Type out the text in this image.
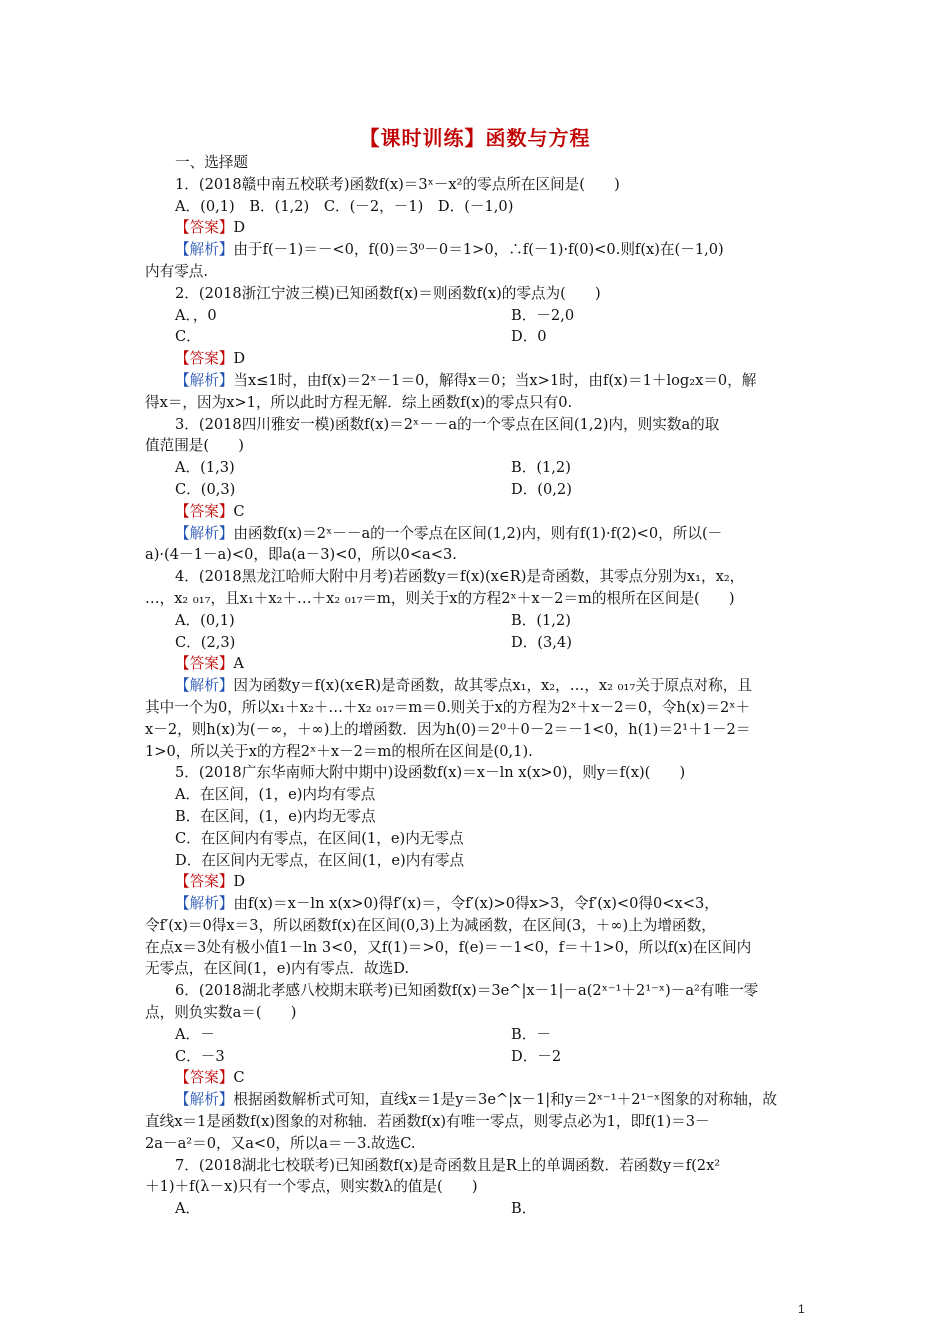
【课时训练】函数与方程
一、选择题
1．(2018赣中南五校联考)函数f(x)＝3ˣ－x²的零点所在区间是(　　)
A．(0,1)　B．(1,2)　C．(－2，－1)　D．(－1,0)
【答案】D
【解析】由于f(－1)＝－<0，f(0)＝3⁰－0＝1>0，∴f(－1)·f(0)<0.则f(x)在(－1,0)
内有零点.
2．(2018浙江宁波三模)已知函数f(x)＝则函数f(x)的零点为(　　)
A．，0	B．－2,0
C．	D．0
【答案】D
【解析】当x≤1时，由f(x)＝2ˣ－1＝0，解得x＝0；当x>1时，由f(x)＝1＋log₂x＝0，解
得x＝，因为x>1，所以此时方程无解．综上函数f(x)的零点只有0.
3．(2018四川雅安一模)函数f(x)＝2ˣ－－a的一个零点在区间(1,2)内，则实数a的取
值范围是(　　)
A．(1,3)	B．(1,2)
C．(0,3)	D．(0,2)
【答案】C
【解析】由函数f(x)＝2ˣ－－a的一个零点在区间(1,2)内，则有f(1)·f(2)<0，所以(－
a)·(4－1－a)<0，即a(a－3)<0，所以0<a<3.
4．(2018黑龙江哈师大附中月考)若函数y＝f(x)(x∈R)是奇函数，其零点分别为x₁，x₂，
…，x₂ ₀₁₇，且x₁＋x₂＋…＋x₂ ₀₁₇＝m，则关于x的方程2ˣ＋x－2＝m的根所在区间是(　　)
A．(0,1)	B．(1,2)
C．(2,3)	D．(3,4)
【答案】A
【解析】因为函数y＝f(x)(x∈R)是奇函数，故其零点x₁，x₂，…，x₂ ₀₁₇关于原点对称，且
其中一个为0，所以x₁＋x₂＋…＋x₂ ₀₁₇＝m＝0.则关于x的方程为2ˣ＋x－2＝0，令h(x)＝2ˣ＋
x－2，则h(x)为(－∞，＋∞)上的增函数．因为h(0)＝2⁰＋0－2＝－1<0，h(1)＝2¹＋1－2＝
1>0，所以关于x的方程2ˣ＋x－2＝m的根所在区间是(0,1).
5．(2018广东华南师大附中期中)设函数f(x)＝x－ln x(x>0)，则y＝f(x)(　　)
A．在区间，(1，e)内均有零点
B．在区间，(1，e)内均无零点
C．在区间内有零点，在区间(1，e)内无零点
D．在区间内无零点，在区间(1，e)内有零点
【答案】D
【解析】由f(x)＝x－ln x(x>0)得f′(x)＝，令f′(x)>0得x>3，令f′(x)<0得0<x<3，
令f′(x)＝0得x＝3，所以函数f(x)在区间(0,3)上为减函数，在区间(3，＋∞)上为增函数，
在点x＝3处有极小值1－ln 3<0，又f(1)＝>0，f(e)＝－1<0，f＝＋1>0，所以f(x)在区间内
无零点，在区间(1，e)内有零点．故选D.
6．(2018湖北孝感八校期末联考)已知函数f(x)＝3e^|x－1|－a(2ˣ⁻¹＋2¹⁻ˣ)－a²有唯一零
点，则负实数a＝(　　)
A．－	B．－
C．－3	D．－2
【答案】C
【解析】根据函数解析式可知，直线x＝1是y＝3e^|x－1|和y＝2ˣ⁻¹＋2¹⁻ˣ图象的对称轴，故
直线x＝1是函数f(x)图象的对称轴．若函数f(x)有唯一零点，则零点必为1，即f(1)＝3－
2a－a²＝0，又a<0，所以a＝－3.故选C.
7．(2018湖北七校联考)已知函数f(x)是奇函数且是R上的单调函数．若函数y＝f(2x²
＋1)＋f(λ－x)只有一个零点，则实数λ的值是(　　)
A．	B．
1
